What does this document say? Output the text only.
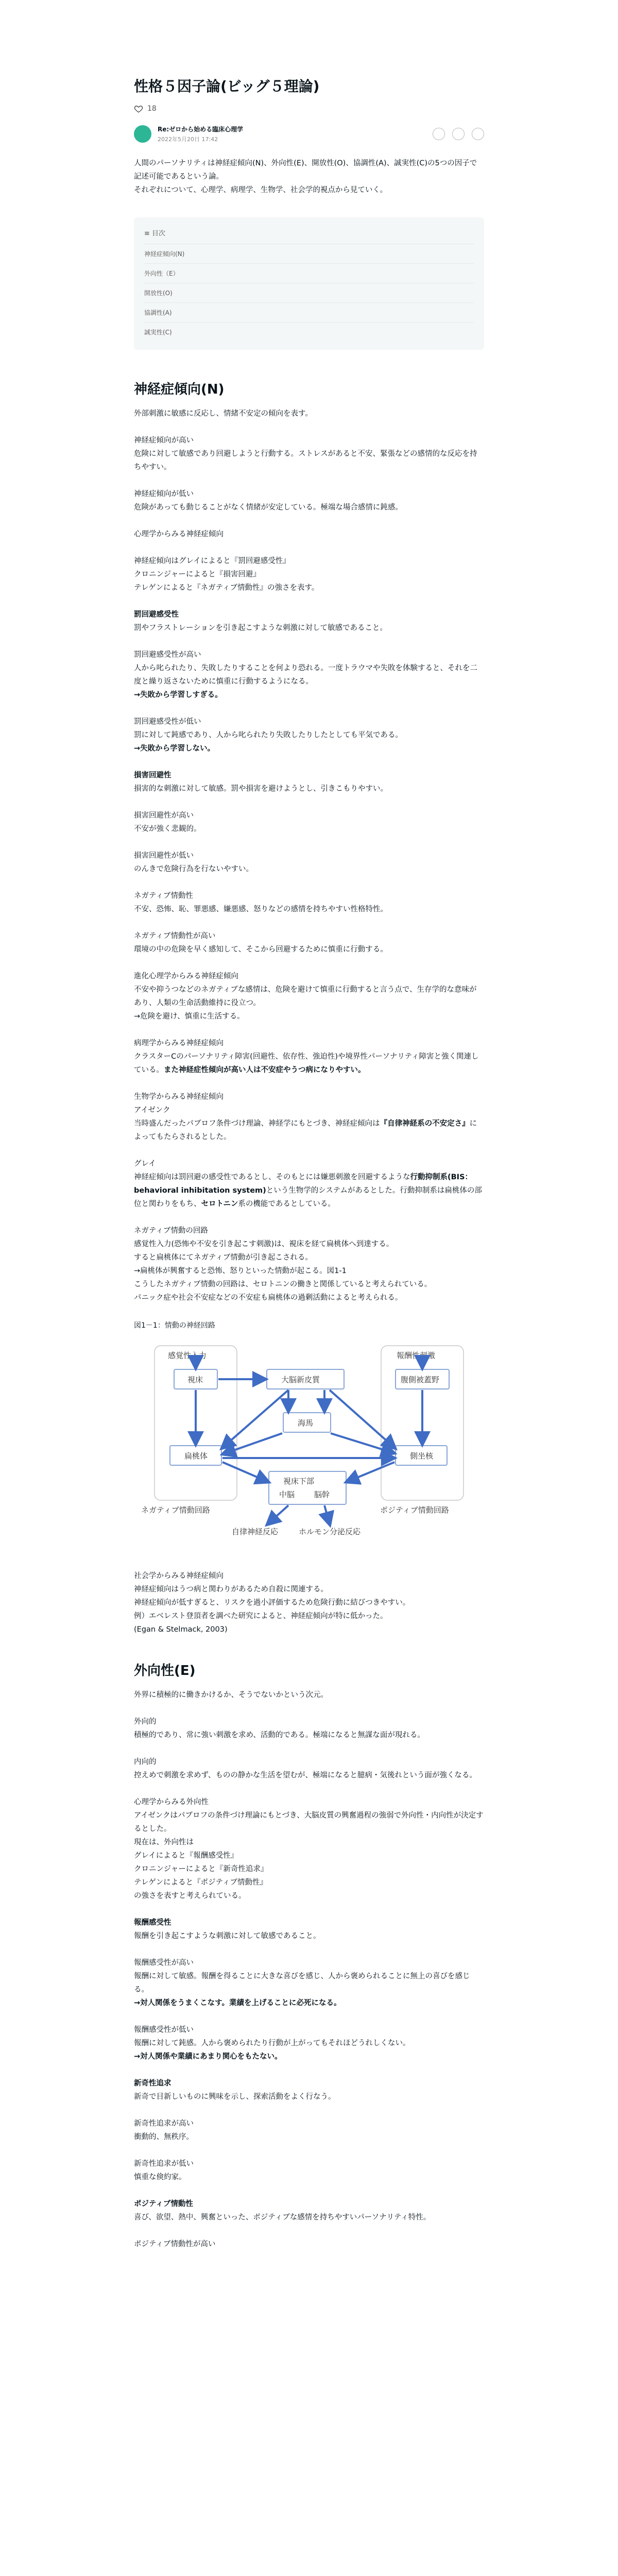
性格５因子論(ビッグ５理論)
18
Re:ゼロから始める臨床心理学
2022年5月20日 17:42

人間のパーソナリティは神経症傾向(N)、外向性(E)、開放性(O)、協調性(A)、誠実性(C)の5つの因子で記述可能であるという論。
それぞれについて、心理学、病理学、生物学、社会学的視点から見ていく。

≡ 目次
神経症傾向(N)
外向性（E）
開放性(O)
協調性(A)
誠実性(C)
神経症傾向(N)

外部刺激に敏感に反応し、情緒不安定の傾向を表す。

神経症傾向が高い
危険に対して敏感であり回避しようと行動する。ストレスがあると不安、緊張などの感情的な反応を持ちやすい。

神経症傾向が低い
危険があっても動じることがなく情緒が安定している。極端な場合感情に鈍感。

心理学からみる神経症傾向

神経症傾向はグレイによると『罰回避感受性』
クロニンジャーによると『損害回避』
テレゲンによると『ネガティブ情動性』の強さを表す。

罰回避感受性
罰やフラストレーションを引き起こすような刺激に対して敏感であること。

罰回避感受性が高い
人から叱られたり、失敗したりすることを何より恐れる。一度トラウマや失敗を体験すると、それを二度と繰り返さないために慎重に行動するようになる。
→失敗から学習しすぎる。

罰回避感受性が低い
罰に対して鈍感であり、人から叱られたり失敗したりしたとしても平気である。
→失敗から学習しない。

損害回避性
損害的な刺激に対して敏感。罰や損害を避けようとし、引きこもりやすい。

損害回避性が高い
不安が強く悲観的。

損害回避性が低い
のんきで危険行為を行ないやすい。

ネガティブ情動性
不安、恐怖、恥、罪悪感、嫌悪感、怒りなどの感情を持ちやすい性格特性。

ネガティブ情動性が高い
環境の中の危険を早く感知して、そこから回避するために慎重に行動する。

進化心理学からみる神経症傾向
不安や抑うつなどのネガティブな感情は、危険を避けて慎重に行動すると言う点で、生存学的な意味があり、人類の生命活動維持に役立つ。
→危険を避け、慎重に生活する。

病理学からみる神経症傾向
クラスターCのパーソナリティ障害(回避性、依存性、強迫性)や境界性パーソナリティ障害と強く関連している。また神経症性傾向が高い人は不安症やうつ病になりやすい。

生物学からみる神経症傾向
アイゼンク
当時盛んだったパブロフ条件づけ理論、神経学にもとづき、神経症傾向は『自律神経系の不安定さ』によってもたらされるとした。

グレイ
神経症傾向は罰回避の感受性であるとし、そのもとには嫌悪刺激を回避するような行動抑制系(BIS：behavioral inhibitation system)という生物学的システムがあるとした。行動抑制系は扁桃体の部位と関わりをもち、セロトニン系の機能であるとしている。

ネガティブ情動の回路
感覚性入力(恐怖や不安を引き起こす刺激)は、視床を経て扁桃体へ到達する。
すると扁桃体にてネガティブ情動が引き起こされる。
→扁桃体が興奮すると恐怖、怒りといった情動が起こる。図1-1
こうしたネガティブ情動の回路は、セロトニンの働きと関係していると考えられている。
パニック症や社会不安症などの不安症も扁桃体の過剰活動によると考えられる。

図1－1：情動の神経回路
感覚性入力	報酬性刺激
視床	大脳新皮質	腹側被蓋野
海馬
扁桃体	側坐核
視床下部
中脳	脳幹
ネガティブ情動回路	ポジティブ情動回路
自律神経反応	ホルモン分泌反応

社会学からみる神経症傾向
神経症傾向はうつ病と関わりがあるため自殺に関連する。
神経症傾向が低すぎると、リスクを過小評価するため危険行動に結びつきやすい。
例）エベレスト登頂者を調べた研究によると、神経症傾向が特に低かった。
(Egan & Stelmack, 2003)

外向性(E)

外界に積極的に働きかけるか、そうでないかという次元。

外向的
積極的であり、常に強い刺激を求め、活動的である。極端になると無謀な面が現れる。

内向的
控えめで刺激を求めず、ものの静かな生活を望むが、極端になると臆病・気後れという面が強くなる。

心理学からみる外向性
アイゼンクはパブロフの条件づけ理論にもとづき、大脳皮質の興奮過程の強弱で外向性・内向性が決定するとした。
現在は、外向性は
グレイによると『報酬感受性』
クロニンジャーによると『新奇性追求』
テレゲンによると『ポジティブ情動性』
の強さを表すと考えられている。

報酬感受性
報酬を引き起こすような刺激に対して敏感であること。

報酬感受性が高い
報酬に対して敏感。報酬を得ることに大きな喜びを感じ、人から褒められることに無上の喜びを感じる。
→対人関係をうまくこなす。業績を上げることに必死になる。

報酬感受性が低い
報酬に対して鈍感。人から褒められたり行動が上がってもそれほどうれしくない。
→対人関係や業績にあまり関心をもたない。

新奇性追求
新奇で目新しいものに興味を示し、探索活動をよく行なう。

新奇性追求が高い
衝動的、無秩序。

新奇性追求が低い
慎重な倹約家。

ポジティブ情動性
喜び、欲望、熱中、興奮といった、ポジティブな感情を持ちやすいパーソナリティ特性。

ポジティブ情動性が高い
